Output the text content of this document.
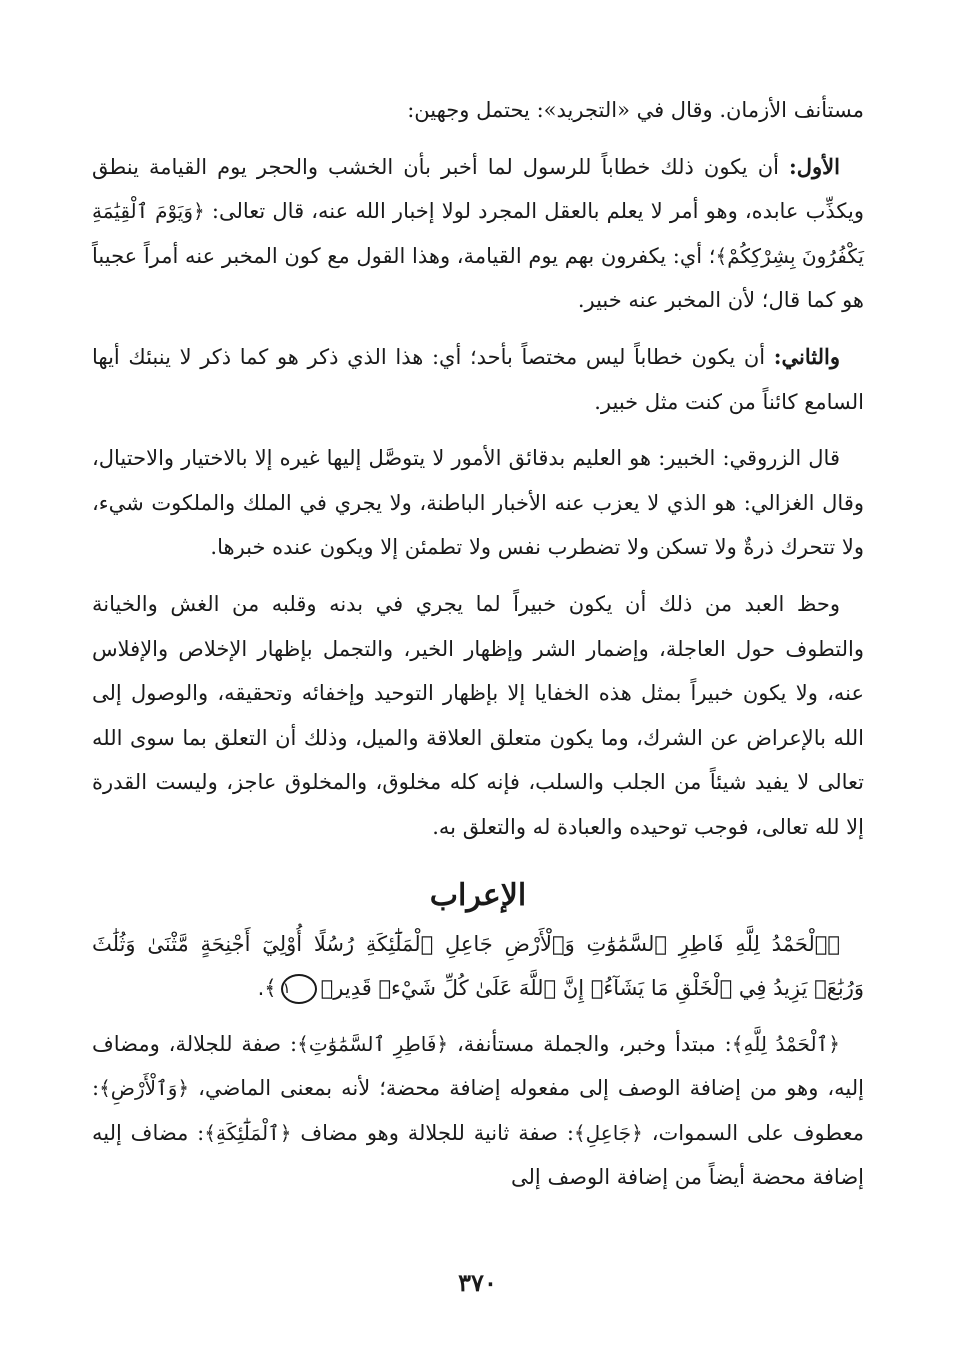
مستأنف الأزمان. وقال في «التجريد»: يحتمل وجهين:

الأول: أن يكون ذلك خطاباً للرسول لما أخبر بأن الخشب والحجر يوم القيامة ينطق ويكذِّب عابده، وهو أمر لا يعلم بالعقل المجرد لولا إخبار الله عنه، قال تعالى: ﴿وَيَوْمَ ٱلْقِيَٰمَةِ يَكْفُرُونَ بِشِرْكِكُمْ﴾؛ أي: يكفرون بهم يوم القيامة، وهذا القول مع كون المخبر عنه أمراً عجيباً هو كما قال؛ لأن المخبر عنه خبير.

والثاني: أن يكون خطاباً ليس مختصاً بأحد؛ أي: هذا الذي ذكر هو كما ذكر لا ينبئك أيها السامع كائناً من كنت مثل خبير.

قال الزروقي: الخبير: هو العليم بدقائق الأمور لا يتوصَّل إليها غيره إلا بالاختيار والاحتيال، وقال الغزالي: هو الذي لا يعزب عنه الأخبار الباطنة، ولا يجري في الملك والملكوت شيء، ولا تتحرك ذرةٌ ولا تسكن ولا تضطرب نفس ولا تطمئن إلا ويكون عنده خبرها.

وحظ العبد من ذلك أن يكون خبيراً لما يجري في بدنه وقلبه من الغش والخيانة والتطوف حول العاجلة، وإضمار الشر وإظهار الخير، والتجمل بإظهار الإخلاص والإفلاس عنه، ولا يكون خبيراً بمثل هذه الخفايا إلا بإظهار التوحيد وإخفائه وتحقيقه، والوصول إلى الله بالإعراض عن الشرك، وما يكون متعلق العلاقة والميل، وذلك أن التعلق بما سوى الله تعالى لا يفيد شيئاً من الجلب والسلب، فإنه كله مخلوق، والمخلوق عاجز، وليست القدرة إلا لله تعالى، فوجب توحيده والعبادة له والتعلق به.

الإعراب

﴿ٱلْحَمْدُ لِلَّهِ فَاطِرِ ٱلسَّمَٰوَٰتِ وَٱلْأَرْضِ جَاعِلِ ٱلْمَلَٰٓئِكَةِ رُسُلًا أُوْلِيٓ أَجْنِحَةٍ مَّثْنَىٰ وَثُلَٰثَ وَرُبَٰعَۚ يَزِيدُ فِي ٱلْخَلْقِ مَا يَشَآءُۚ إِنَّ ٱللَّهَ عَلَىٰ كُلِّ شَيْءٖ قَدِيرٞ١﴾.

﴿ٱلْحَمْدُ لِلَّهِ﴾: مبتدأ وخبر، والجملة مستأنفة، ﴿فَاطِرِ ٱلسَّمَٰوَٰتِ﴾: صفة للجلالة، ومضاف إليه، وهو من إضافة الوصف إلى مفعوله إضافة محضة؛ لأنه بمعنى الماضي، ﴿وَٱلْأَرْضِ﴾: معطوف على السموات، ﴿جَاعِلِ﴾: صفة ثانية للجلالة وهو مضاف ﴿ٱلْمَلَٰٓئِكَةِ﴾: مضاف إليه إضافة محضة أيضاً من إضافة الوصف إلى

٣٧٠
